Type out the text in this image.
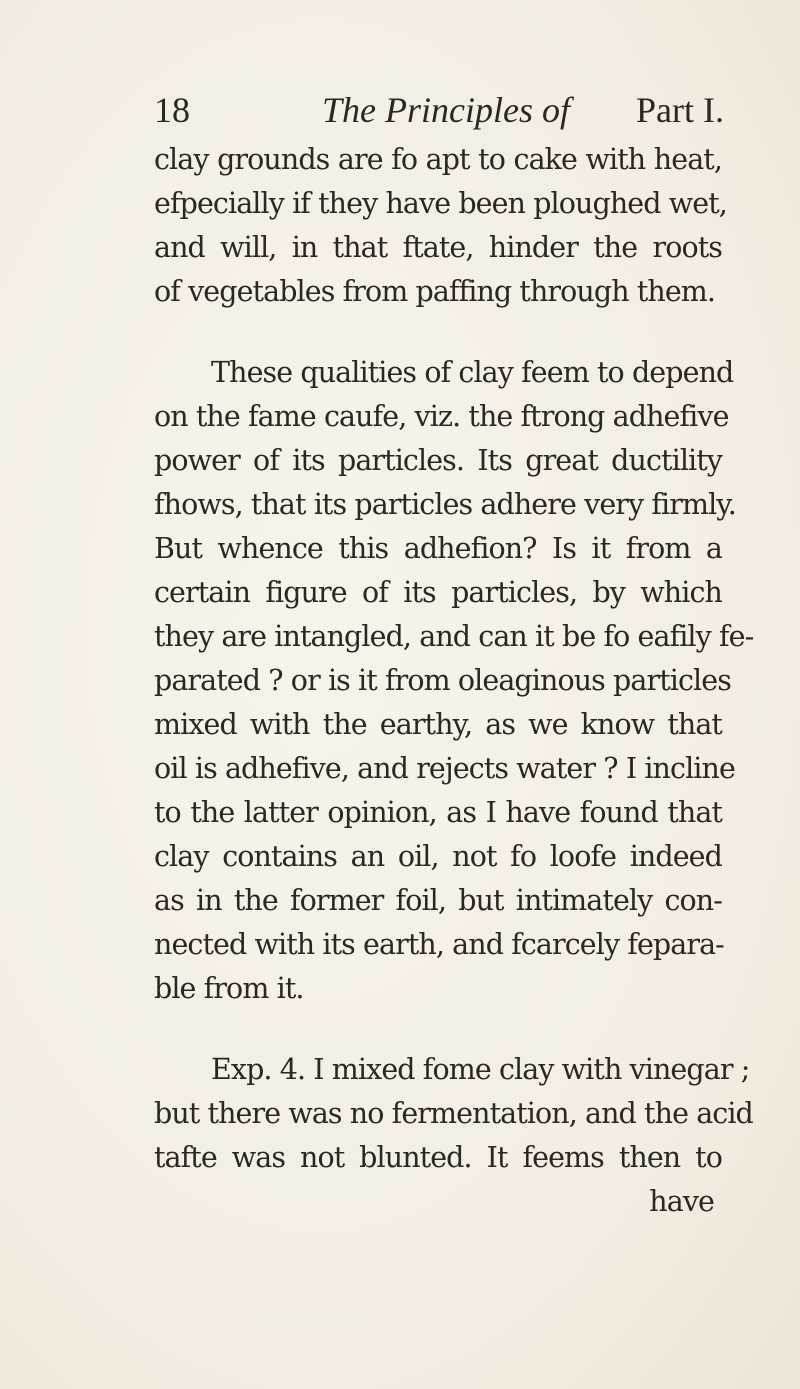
18	The Principles of Part I.
clay grounds are fo apt to cake with heat,
efpecially if they have been ploughed wet,
and will, in that ftate, hinder the roots
of vegetables from paffing through them.
These qualities of clay feem to depend
on the fame caufe, viz. the ftrong adhefive
power of its particles. Its great ductility
fhows, that its particles adhere very firmly.
But whence this adhefion? Is it from a
certain figure of its particles, by which
they are intangled, and can it be fo eafily fe-
parated ? or is it from oleaginous particles
mixed with the earthy, as we know that
oil is adhefive, and rejects water ? I incline
to the latter opinion, as I have found that
clay contains an oil, not fo loofe indeed
as in the former foil, but intimately con-
nected with its earth, and fcarcely fepara-
ble from it.
Exp. 4. I mixed fome clay with vinegar ;
but there was no fermentation, and the acid
tafte was not blunted. It feems then to
have
